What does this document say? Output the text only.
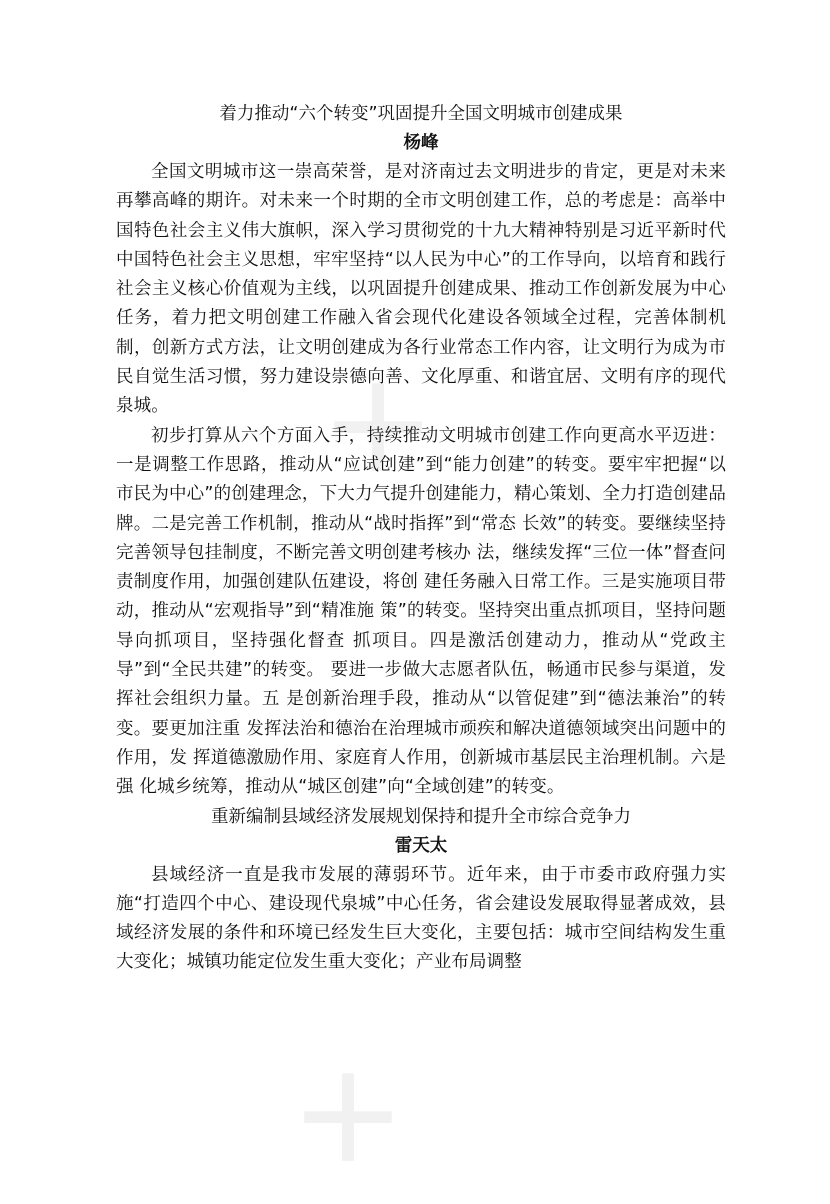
✕
✕
着力推动“六个转变”巩固提升全国文明城市创建成果
杨峰

全国文明城市这一崇高荣誉，是对济南过去文明进步的肯定，更是对未来再攀高峰的期许。对未来一个时期的全市文明创建工作，总的考虑是：高举中国特色社会主义伟大旗帜，深入学习贯彻党的十九大精神特别是习近平新时代中国特色社会主义思想，牢牢坚持“以人民为中心”的工作导向，以培育和践行社会主义核心价值观为主线，以巩固提升创建成果、推动工作创新发展为中心任务，着力把文明创建工作融入省会现代化建设各领域全过程，完善体制机制，创新方式方法，让文明创建成为各行业常态工作内容，让文明行为成为市民自觉生活习惯，努力建设崇德向善、文化厚重、和谐宜居、文明有序的现代泉城。

初步打算从六个方面入手，持续推动文明城市创建工作向更高水平迈进：一是调整工作思路，推动从“应试创建”到“能力创建”的转变。要牢牢把握“以市民为中心”的创建理念，下大力气提升创建能力，精心策划、全力打造创建品牌。二是完善工作机制，推动从“战时指挥”到“常态 长效”的转变。要继续坚持完善领导包挂制度，不断完善文明创建考核办 法，继续发挥“三位一体”督查问责制度作用，加强创建队伍建设，将创 建任务融入日常工作。三是实施项目带动，推动从“宏观指导”到“精准施 策”的转变。坚持突出重点抓项目，坚持问题导向抓项目，坚持强化督查 抓项目。四是激活创建动力，推动从“党政主导”到“全民共建”的转变。 要进一步做大志愿者队伍，畅通市民参与渠道，发挥社会组织力量。五 是创新治理手段，推动从“以管促建”到“德法兼治”的转变。要更加注重 发挥法治和德治在治理城市顽疾和解决道德领域突出问题中的作用，发 挥道德激励作用、家庭育人作用，创新城市基层民主治理机制。六是强 化城乡统筹，推动从“城区创建”向“全域创建”的转变。

重新编制县域经济发展规划保持和提升全市综合竞争力
雷天太

县域经济一直是我市发展的薄弱环节。近年来，由于市委市政府强力实施“打造四个中心、建设现代泉城”中心任务，省会建设发展取得显著成效，县域经济发展的条件和环境已经发生巨大变化，主要包括：城市空间结构发生重大变化；城镇功能定位发生重大变化；产业布局调整
